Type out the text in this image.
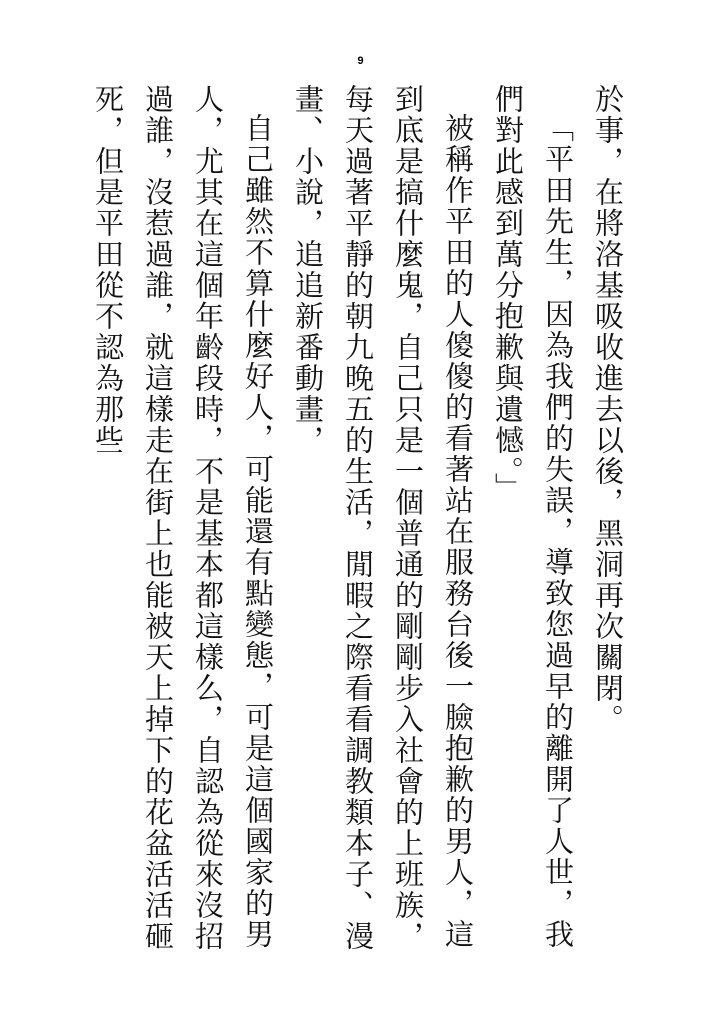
9

於事，在將洛基吸收進去以後，黑洞再次關閉。

「平田先生，因為我們的失誤，導致您過早的離開了人世，我們對此感到萬分抱歉與遺憾。」

被稱作平田的人傻傻的看著站在服務台後一臉抱歉的男人，這到底是搞什麼鬼，自己只是一個普通的剛剛步入社會的上班族，每天過著平靜的朝九晚五的生活，閒暇之際看看調教類本子、漫畫、小說，追追新番動畫，

自己雖然不算什麼好人，可能還有點變態，可是這個國家的男人，尤其在這個年齡段時，不是基本都這樣么，自認為從來沒招過誰，沒惹過誰，就這樣走在街上也能被天上掉下的花盆活活砸死，但是平田從不認為那些
